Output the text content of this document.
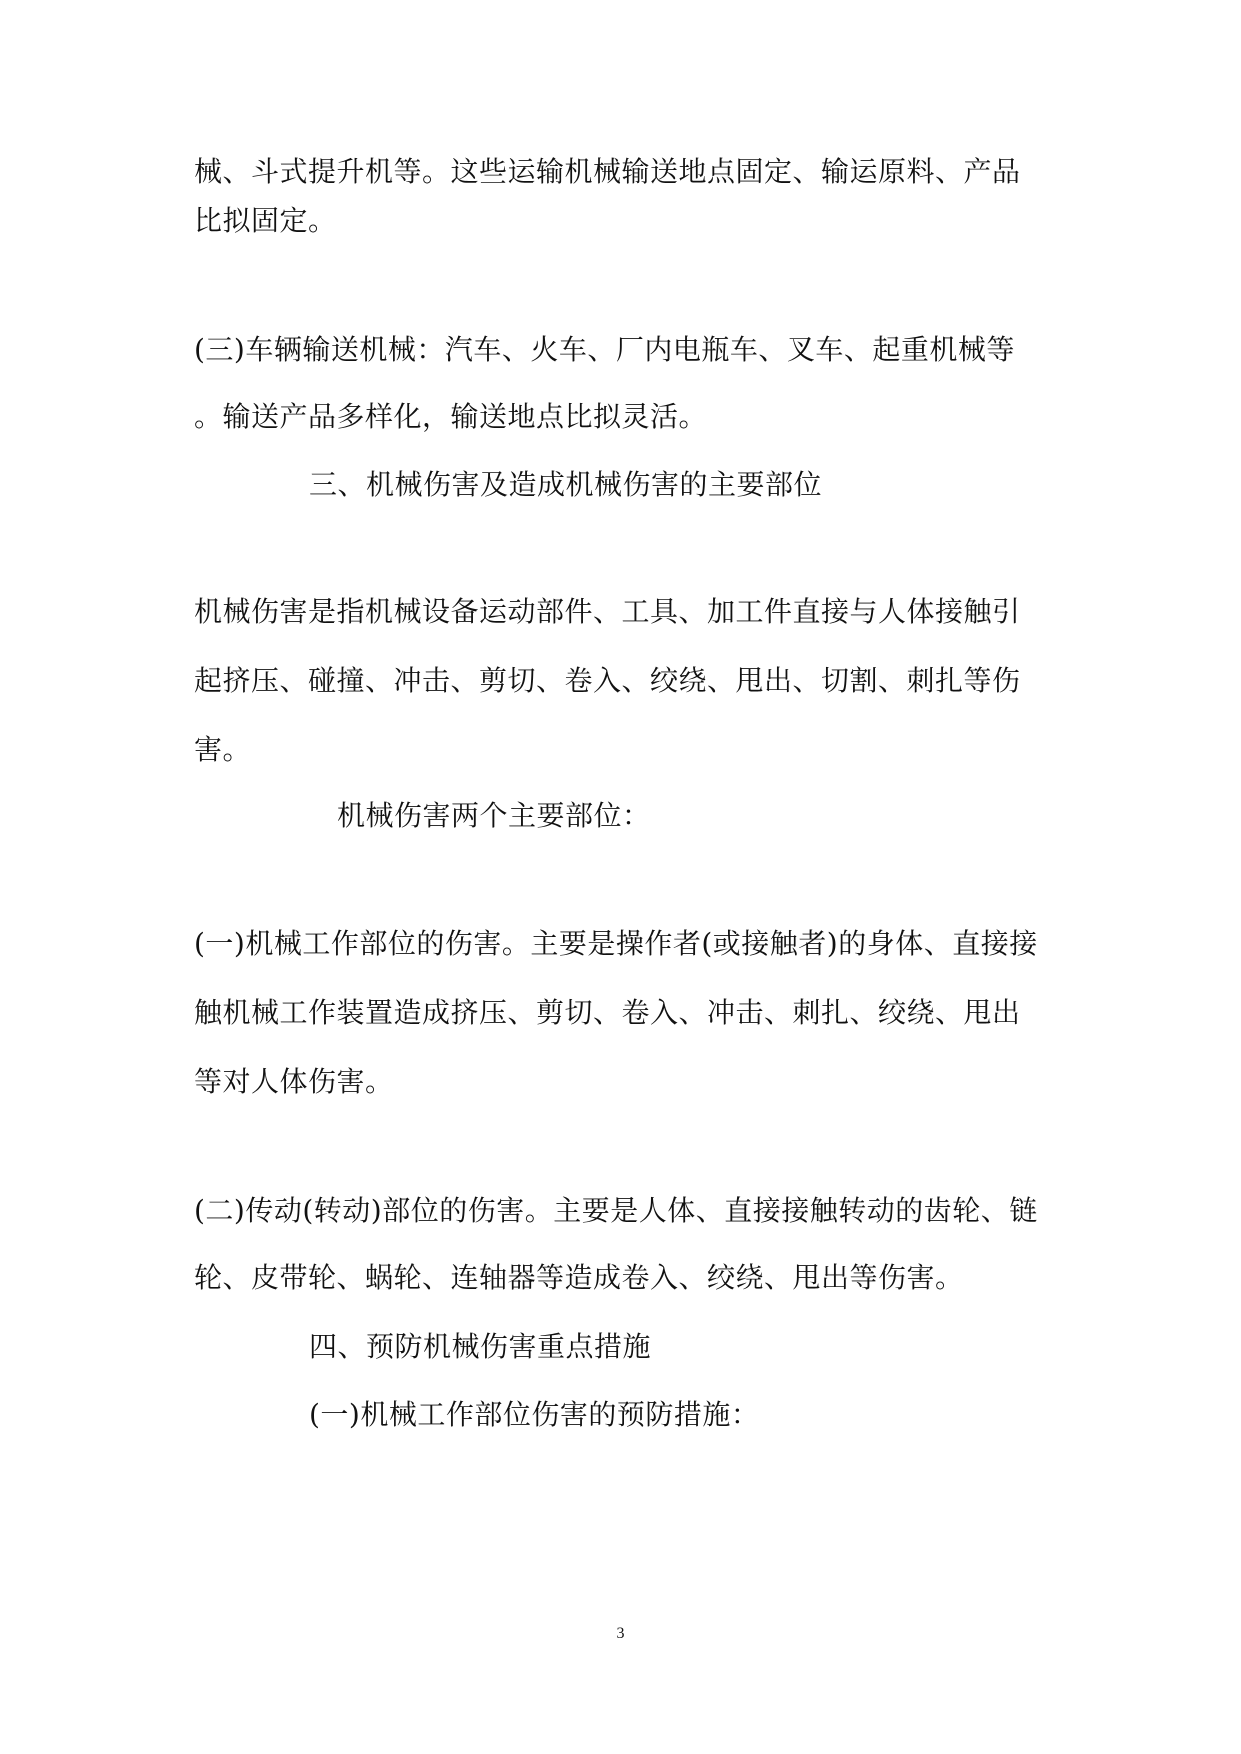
械、斗式提升机等。这些运输机械输送地点固定、输运原料、产品
比拟固定。
(三)车辆输送机械：汽车、火车、厂内电瓶车、叉车、起重机械等
。输送产品多样化，输送地点比拟灵活。
三、机械伤害及造成机械伤害的主要部位
机械伤害是指机械设备运动部件、工具、加工件直接与人体接触引
起挤压、碰撞、冲击、剪切、卷入、绞绕、甩出、切割、刺扎等伤
害。
机械伤害两个主要部位：
(一)机械工作部位的伤害。主要是操作者(或接触者)的身体、直接接
触机械工作装置造成挤压、剪切、卷入、冲击、刺扎、绞绕、甩出
等对人体伤害。
(二)传动(转动)部位的伤害。主要是人体、直接接触转动的齿轮、链
轮、皮带轮、蜗轮、连轴器等造成卷入、绞绕、甩出等伤害。
四、预防机械伤害重点措施
(一)机械工作部位伤害的预防措施：
3
